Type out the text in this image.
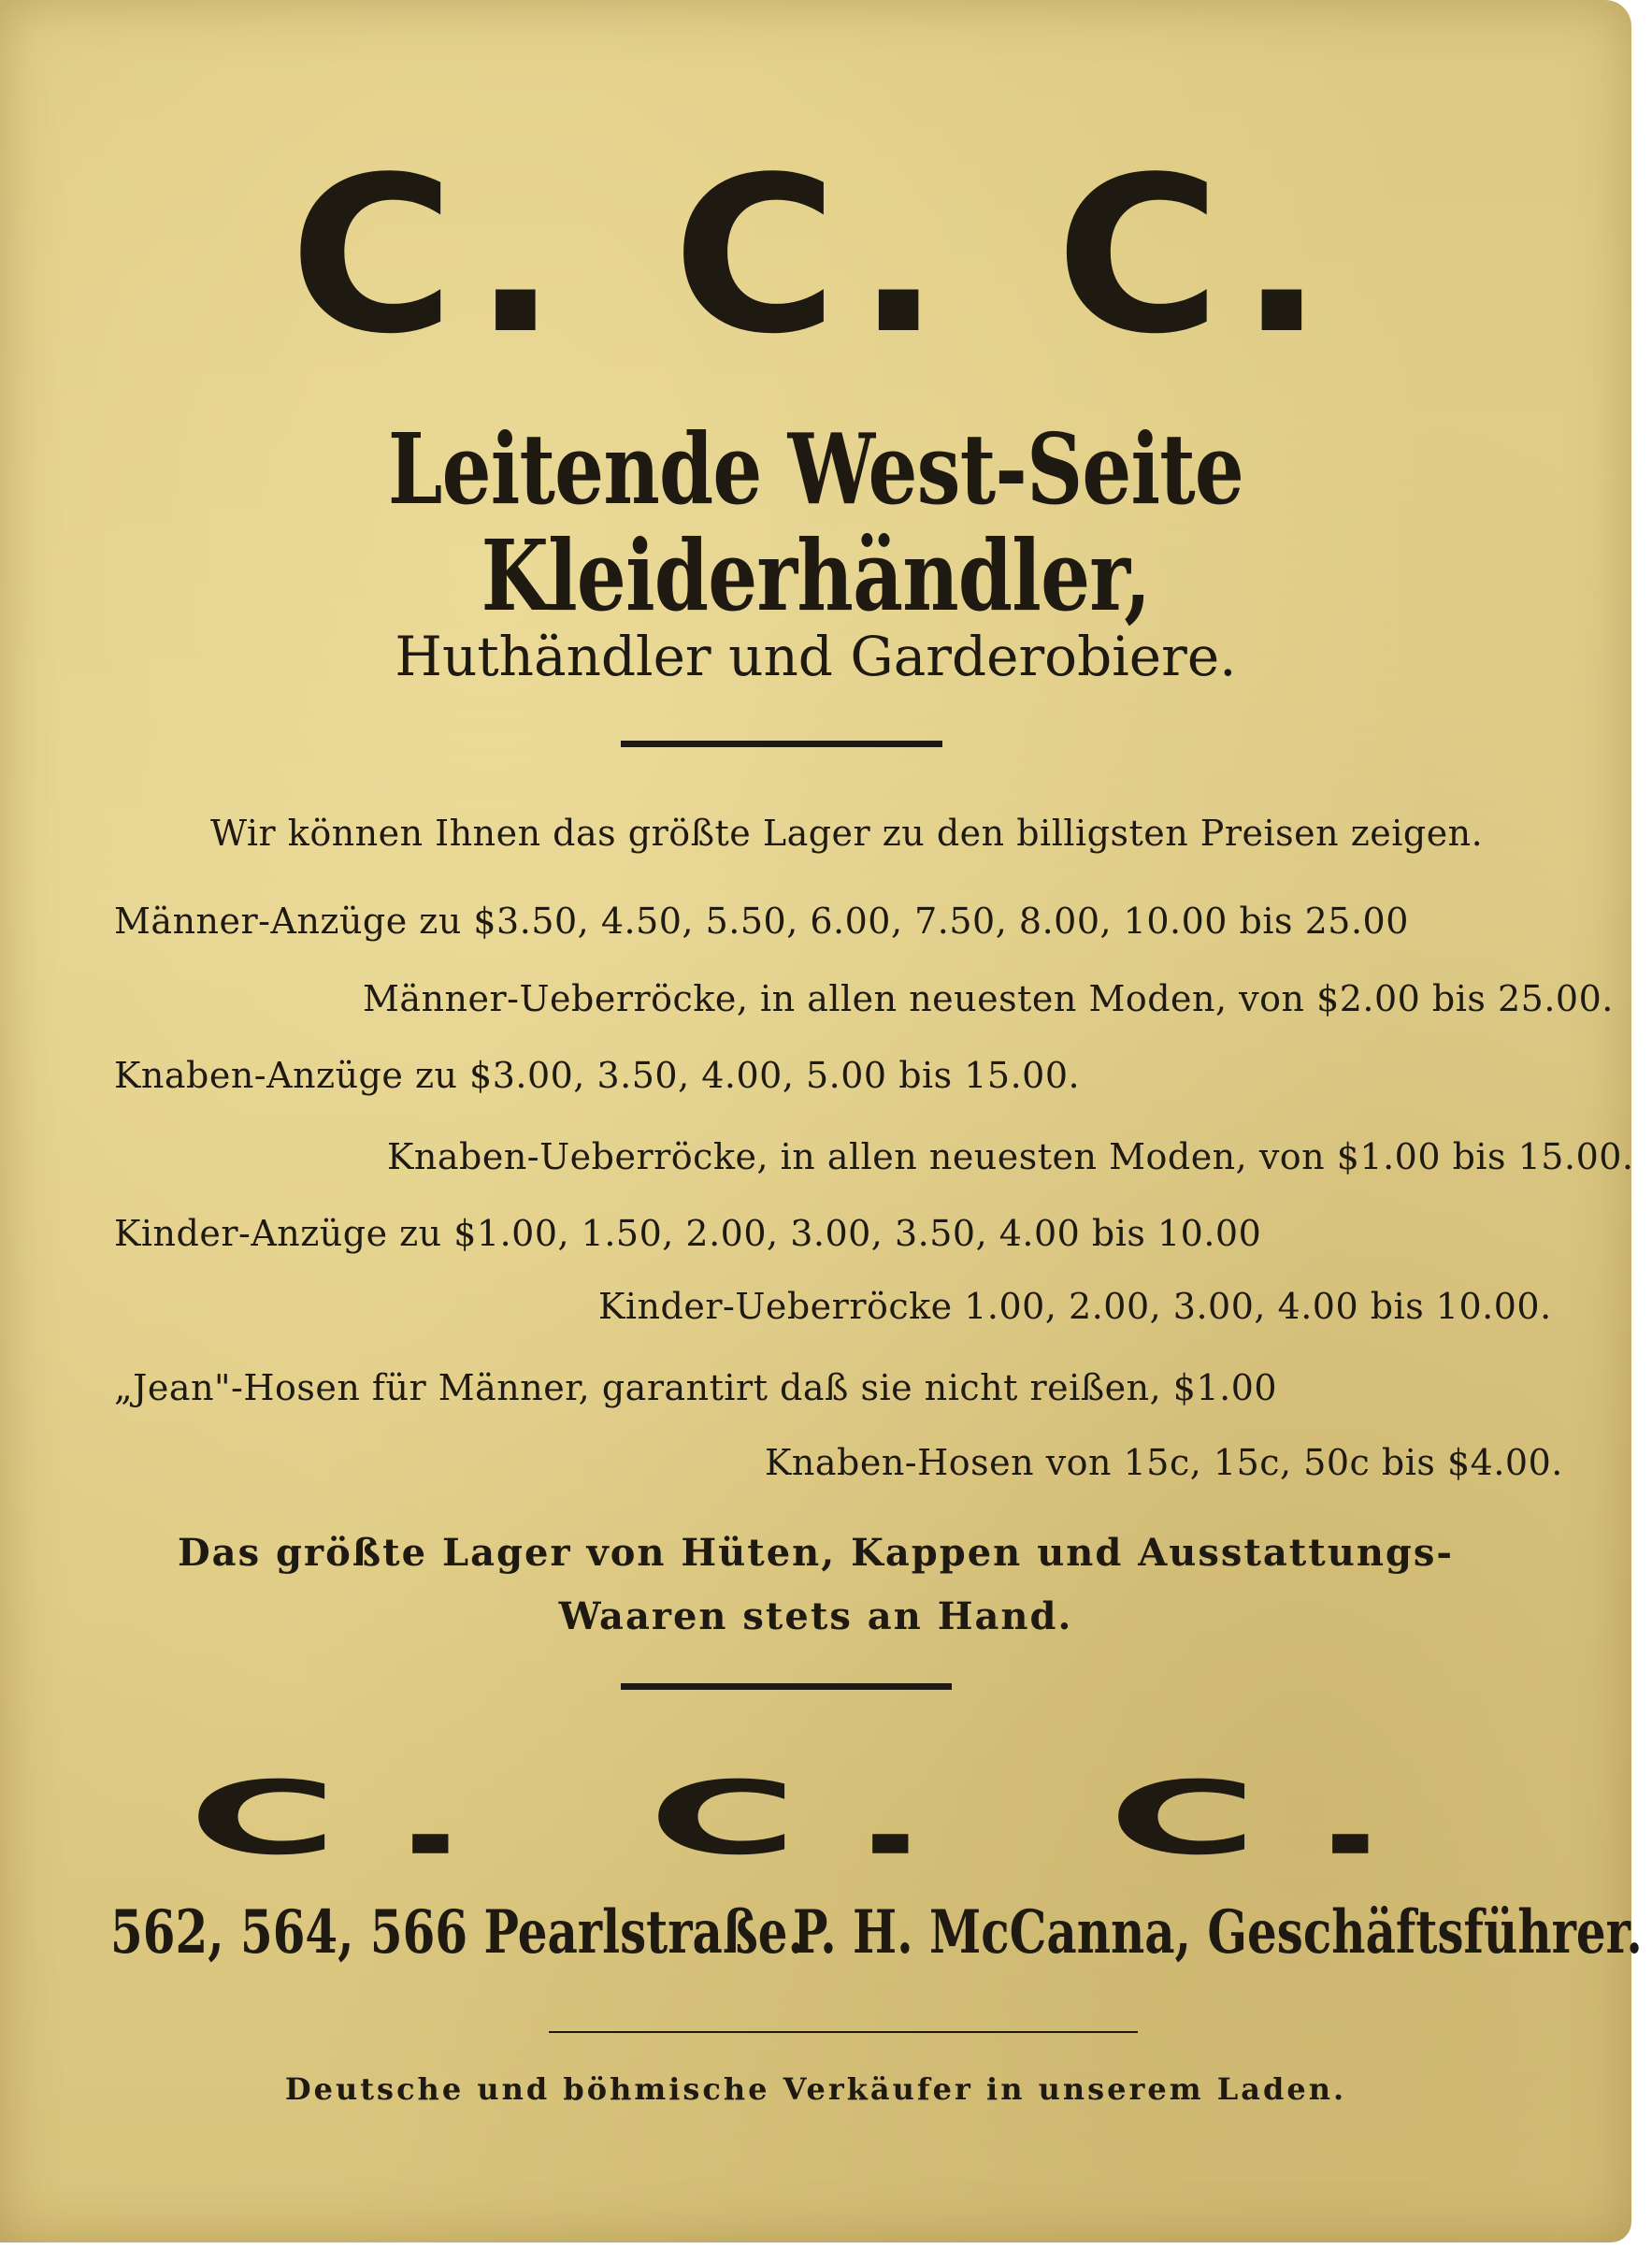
C. C. C.
Leitende West-Seite Kleiderhändler,
Huthändler und Garderobiere.
Wir können Ihnen das größte Lager zu den billigsten Preisen zeigen.
Männer-Anzüge zu $3.50, 4.50, 5.50, 6.00, 7.50, 8.00, 10.00 bis 25.00
Männer-Ueberröcke, in allen neuesten Moden, von $2.00 bis 25.00.
Knaben-Anzüge zu $3.00, 3.50, 4.00, 5.00 bis 15.00.
Knaben-Ueberröcke, in allen neuesten Moden, von $1.00 bis 15.00.
Kinder-Anzüge zu $1.00, 1.50, 2.00, 3.00, 3.50, 4.00 bis 10.00
Kinder-Ueberröcke 1.00, 2.00, 3.00, 4.00 bis 10.00.
„Jean"-Hosen für Männer, garantirt daß sie nicht reißen, $1.00
Knaben-Hosen von 15c, 15c, 50c bis $4.00.
Das größte Lager von Hüten, Kappen und Ausstattungs-
Waaren stets an Hand.
C. C. C.
562, 564, 566 Pearlstraße.
P. H. McCanna, Geschäftsführer.
Deutsche und böhmische Verkäufer in unserem Laden.
